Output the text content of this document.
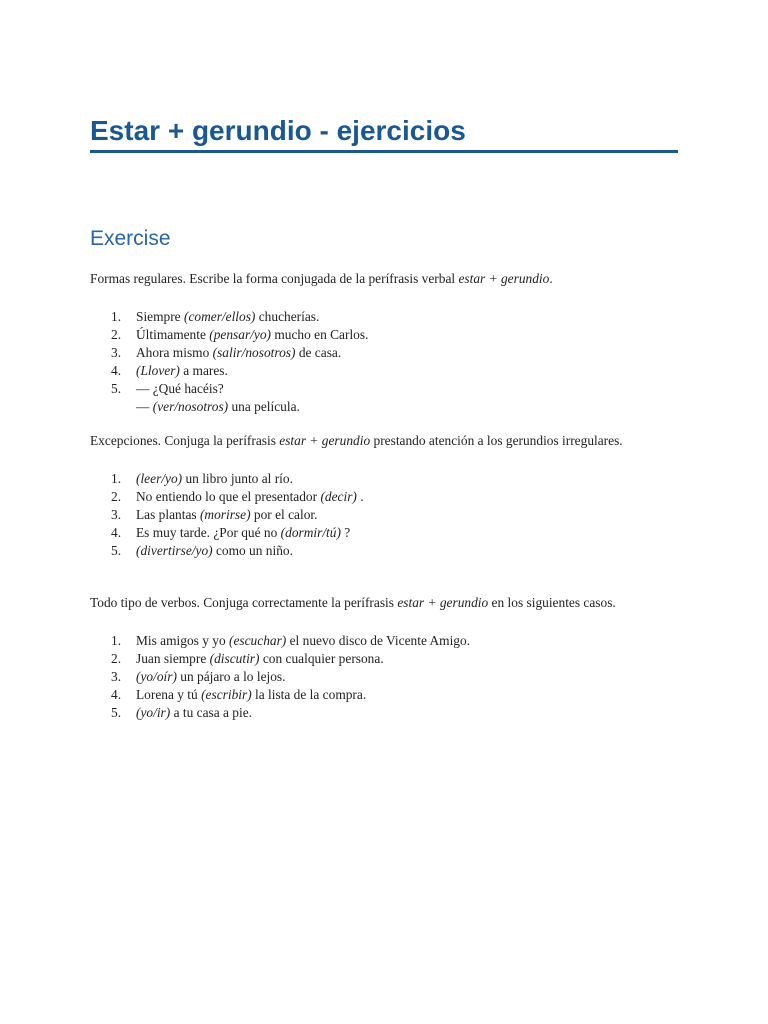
Estar + gerundio - ejercicios
Exercise

Formas regulares. Escribe la forma conjugada de la perífrasis verbal estar + gerundio.

1. Siempre (comer/ellos) chucherías.
2. Últimamente (pensar/yo) mucho en Carlos.
3. Ahora mismo (salir/nosotros) de casa.
4. (Llover) a mares.
5. — ¿Qué hacéis?
— (ver/nosotros) una película.

Excepciones. Conjuga la perífrasis estar + gerundio prestando atención a los gerundios irregulares.

1. (leer/yo) un libro junto al río.
2. No entiendo lo que el presentador (decir) .
3. Las plantas (morirse) por el calor.
4. Es muy tarde. ¿Por qué no (dormir/tú) ?
5. (divertirse/yo) como un niño.

Todo tipo de verbos. Conjuga correctamente la perífrasis estar + gerundio en los siguientes casos.

1. Mis amigos y yo (escuchar) el nuevo disco de Vicente Amigo.
2. Juan siempre (discutir) con cualquier persona.
3. (yo/oír) un pájaro a lo lejos.
4. Lorena y tú (escribir) la lista de la compra.
5. (yo/ir) a tu casa a pie.
